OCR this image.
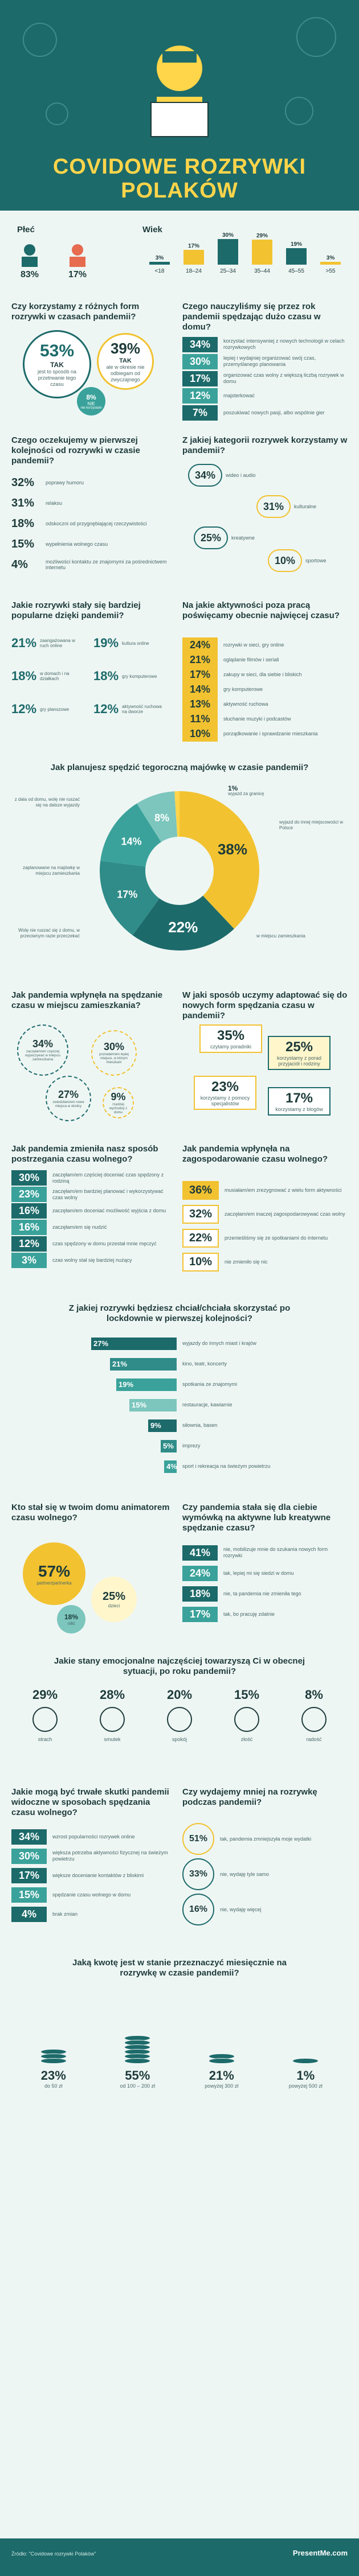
COVIDOWE ROZRYWKI
POLAKÓW
Płeć
83%	17%
Wiek
3%
<18
17%
18–24
30%
25–34
29%
35–44
19%
45–55
3%
>55
Czy korzystamy z różnych form rozrywki w czasach pandemii?
53%
TAK
jest to sposób na przetrwanie tego czasu
39%
TAK
ale w okresie nie odbiegam od zwyczajnego
8%
NIE
nie korzystam
Czego nauczyliśmy się przez rok pandemii spędzając dużo czasu w domu?
34%	korzystać intensywniej z nowych technologii w celach rozrywkowych
30%	lepiej i wydajniej organizować swój czas, przemyślanego planowania
17%	organizować czas wolny z większą liczbą rozrywek w domu
12%	majsterkować
7%	poszukiwać nowych pasji, albo wspólnie gier
Czego oczekujemy w pierwszej kolejności od rozrywki w czasie pandemii?
32%	poprawy humoru
31%	relaksu
18%	odskoczni od przygnębiającej rzeczywistości
15%	wypełnienia wolnego czasu
4%	możliwości kontaktu ze znajomymi za pośrednictwem internetu
Z jakiej kategorii rozrywek korzystamy w pandemii?
34%	wideo i audio
31%	kulturalne
25%	kreatywne
10%	sportowe
Jakie rozrywki stały się bardziej popularne dzięki pandemii?
21% zaangażowana w ruch online	19% kultura online
18% w domach i na działkach	18% gry komputerowe
12% gry planszowe	12% aktywność ruchowa na dworze
Na jakie aktywności poza pracą poświęcamy obecnie najwięcej czasu?
24%	rozrywki w sieci, gry online
21%	oglądanie filmów i seriali
17%	zakupy w sieci, dla siebie i bliskich
14%	gry komputerowe
13%	aktywność ruchowa
11%	słuchanie muzyki i podcastów
10%	porządkowanie i sprawdzanie mieszkania
Jak planujesz spędzić tegoroczną majówkę w czasie pandemii?
38%
22%
17%
14%
8%	wyjazd do innej miejscowości w Polsce
w miejscu zamieszkania
Wolę nie ruszać się z domu, w przeciwnym razie przeczekać
zaplanowane na majówkę w miejscu zamieszkania
z dala od domu, wolę nie ruszać się na dalsze wyjazdy
1%
wyjazd za granicę
Jak pandemia wpłynęła na spędzanie czasu w miejscu zamieszkania?
34%
zaczęłam/em częściej wypoczywać w miejscu zamieszkania
30%
poznałam/em lepiej miejsce, w którym mieszkam
27%
zwiedziłam/em nowe miejsca w okolicy
9%
rzadziej wychodzę z domu
W jaki sposób uczymy adaptować się do nowych form spędzania czasu w pandemii?
35%
czytamy poradniki	25%
korzystamy z porad przyjaciół i rodziny
23%
korzystamy z pomocy specjalistów	17%
korzystamy z blogów
Jak pandemia zmieniła nasz sposób postrzegania czasu wolnego?
30%	zaczęłam/em częściej doceniać czas spędzony z rodziną
23%	zaczęłam/em bardziej planować i wykorzystywać czas wolny
16%	zaczęłam/em doceniać możliwość wyjścia z domu
16%	zaczęłam/em się nudzić
12%	czas spędzony w domu przestał mnie męczyć
3%	czas wolny stał się bardziej nużący
Jak pandemia wpłynęła na zagospodarowanie czasu wolnego?
36%	musiałam/em zrezygnować z wielu form aktywności
32%	zaczęłam/em inaczej zagospodarowywać czas wolny
22%	przenieśliśmy się ze spotkaniami do internetu
10%	nie zmieniło się nic
Z jakiej rozrywki będziesz chciał/chciała skorzystać po lockdownie w pierwszej kolejności?
27%	wyjazdy do innych miast i krajów
21%	kino, teatr, koncerty
19%	spotkania ze znajomymi
15%	restauracje, kawiarnie
9%	siłownia, basen
5% imprezy
4% sport i rekreacja na świeżym powietrzu
Kto stał się w twoim domu animatorem czasu wolnego?
57%
partner/partnerka
25%
dzieci
18%
nikt
Czy pandemia stała się dla ciebie wymówką na aktywne lub kreatywne spędzanie czasu?
41%	nie, mobilizuje mnie do szukania nowych form rozrywki
24%	tak, lepiej mi się siedzi w domu
18%	nie, ta pandemia nie zmieniła tego
17%	tak, bo pracuję zdalnie
Jakie stany emocjonalne najczęściej towarzyszą Ci w obecnej sytuacji, po roku pandemii?
29%
strach
28%
smutek
20%
spokój
15%
złość
8%
radość
Jakie mogą być trwałe skutki pandemii widoczne w sposobach spędzania czasu wolnego?
34%	wzrost popularności rozrywek online
30%	większa potrzeba aktywności fizycznej na świeżym powietrzu
17%	większe docenianie kontaktów z bliskimi
15%	spędzanie czasu wolnego w domu
4%	brak zmian
Czy wydajemy mniej na rozrywkę podczas pandemii?
51%	tak, pandemia zmniejszyła moje wydatki
33%	nie, wydaję tyle samo
16%	nie, wydaję więcej
Jaką kwotę jest w stanie przeznaczyć miesięcznie na rozrywkę w czasie pandemii?
23%
do 50 zł
55%
od 100 – 200 zł
21%
powyżej 300 zł
1%
powyżej 500 zł
Źródło: "Covidowe rozrywki Polaków"	PresentMe.com
